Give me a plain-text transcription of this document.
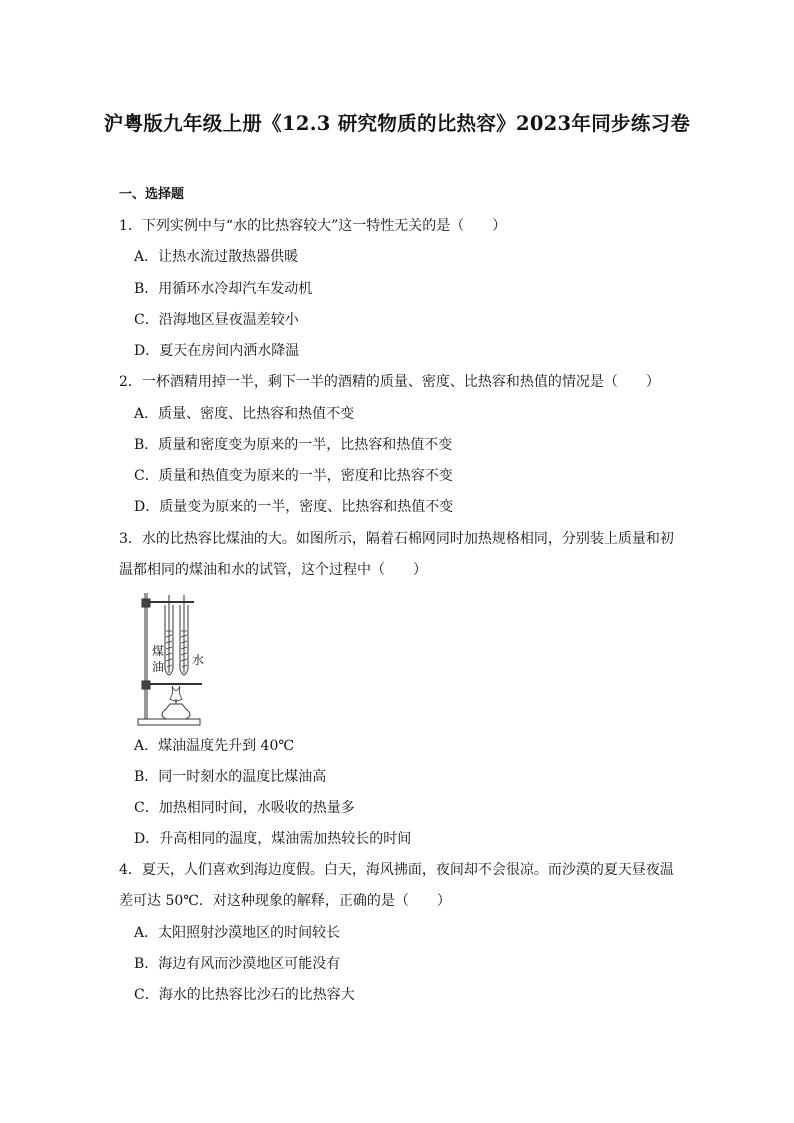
沪粤版九年级上册《12.3 研究物质的比热容》2023年同步练习卷
一、选择题
1．下列实例中与“水的比热容较大”这一特性无关的是（　　）
A．让热水流过散热器供暖
B．用循环水冷却汽车发动机
C．沿海地区昼夜温差较小
D．夏天在房间内洒水降温
2．一杯酒精用掉一半，剩下一半的酒精的质量、密度、比热容和热值的情况是（　　）
A．质量、密度、比热容和热值不变
B．质量和密度变为原来的一半，比热容和热值不变
C．质量和热值变为原来的一半，密度和比热容不变
D．质量变为原来的一半，密度、比热容和热值不变
3．水的比热容比煤油的大。如图所示，隔着石棉网同时加热规格相同，分别装上质量和初
温都相同的煤油和水的试管，这个过程中（　　）
煤
油 水
A．煤油温度先升到 40℃
B．同一时刻水的温度比煤油高
C．加热相同时间，水吸收的热量多
D．升高相同的温度，煤油需加热较长的时间
4．夏天，人们喜欢到海边度假。白天，海风拂面，夜间却不会很凉。而沙漠的夏天昼夜温
差可达 50℃．对这种现象的解释，正确的是（　　）
A．太阳照射沙漠地区的时间较长
B．海边有风而沙漠地区可能没有
C．海水的比热容比沙石的比热容大
